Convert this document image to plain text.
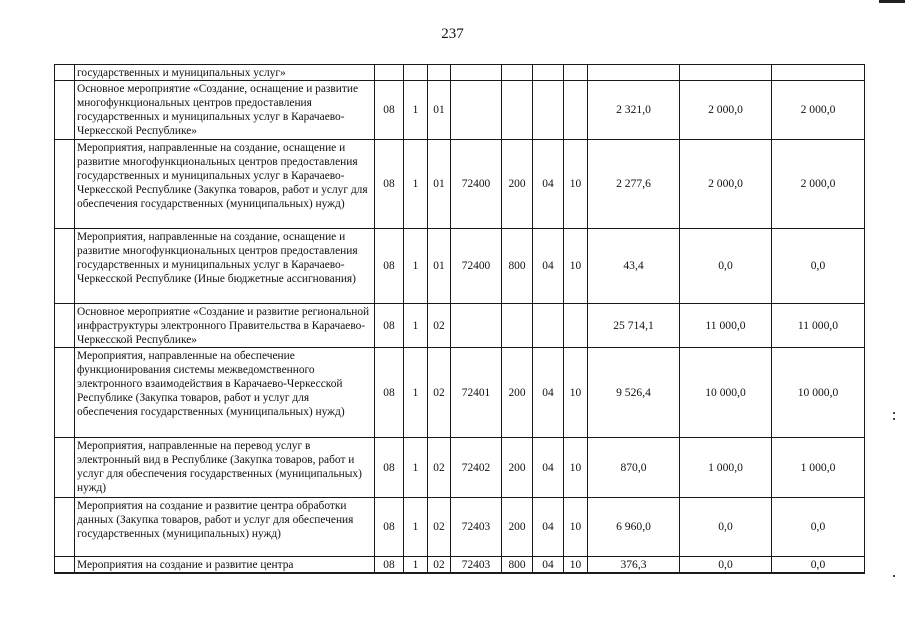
237
	государственных и муниципальных услуг»										
	Основное мероприятие «Создание, оснащение и развитие многофункциональных центров предоставления государственных и муниципальных услуг в Карачаево-Черкесской Республике»	08	1	01					2 321,0	2 000,0	2 000,0
	Мероприятия, направленные на создание, оснащение и развитие многофункциональных центров предоставления государственных и муниципальных услуг в Карачаево-Черкесской Республике (Закупка товаров, работ и услуг для обеспечения государственных (муниципальных) нужд)	08	1	01	72400	200	04	10	2 277,6	2 000,0	2 000,0
	Мероприятия, направленные на создание, оснащение и развитие многофункциональных центров предоставления государственных и муниципальных услуг в Карачаево-Черкесской Республике (Иные бюджетные ассигнования)	08	1	01	72400	800	04	10	43,4	0,0	0,0
	Основное мероприятие «Создание и развитие региональной инфраструктуры электронного Правительства в Карачаево-Черкесской Республике»	08	1	02					25 714,1	11 000,0	11 000,0
	Мероприятия, направленные на обеспечение функционирования системы межведомственного электронного взаимодействия в Карачаево-Черкесской Республике (Закупка товаров, работ и услуг для обеспечения государственных (муниципальных) нужд)	08	1	02	72401	200	04	10	9 526,4	10 000,0	10 000,0
	Мероприятия, направленные на перевод услуг в электронный вид в Республике (Закупка товаров, работ и услуг для обеспечения государственных (муниципальных) нужд)	08	1	02	72402	200	04	10	870,0	1 000,0	1 000,0
	Мероприятия на создание и развитие центра обработки данных (Закупка товаров, работ и услуг для обеспечения государственных (муниципальных) нужд)	08	1	02	72403	200	04	10	6 960,0	0,0	0,0
	Мероприятия на создание и развитие центра	08	1	02	72403	800	04	10	376,3	0,0	0,0
